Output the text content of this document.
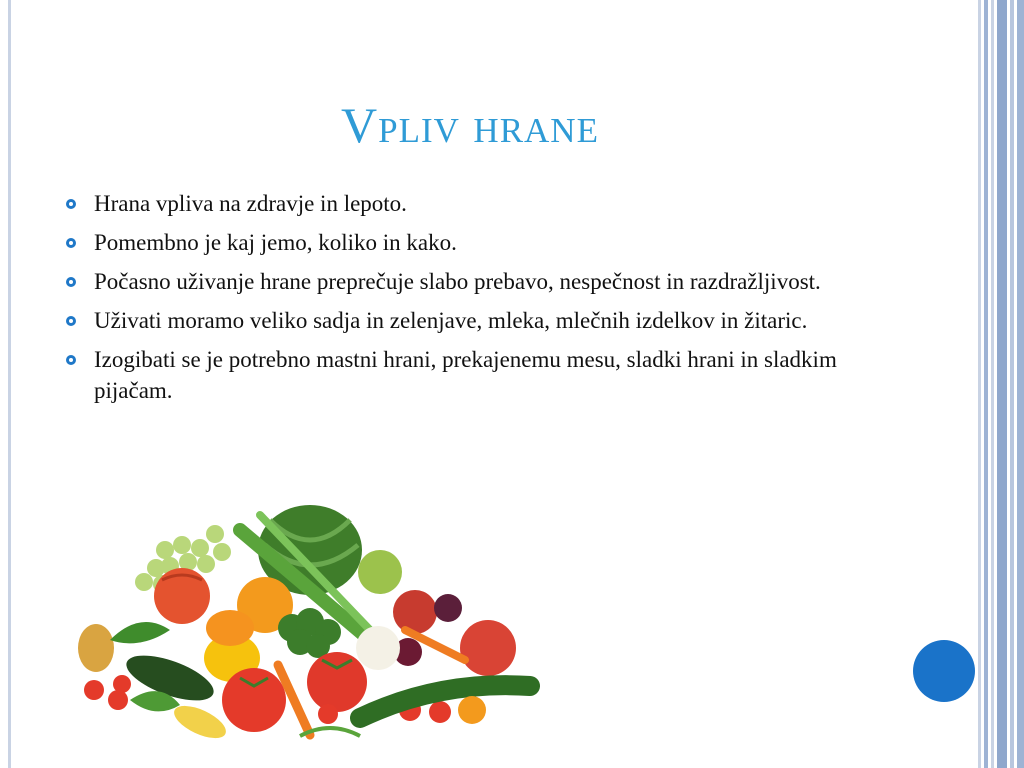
Vpliv hrane
Hrana vpliva na zdravje in lepoto.
Pomembno je kaj jemo, koliko in kako.
Počasno uživanje hrane preprečuje slabo prebavo, nespečnost in razdražljivost.
Uživati moramo veliko sadja in zelenjave, mleka, mlečnih izdelkov in žitaric.
Izogibati se je potrebno mastni hrani, prekajenemu mesu, sladki hrani in sladkim pijačam.
